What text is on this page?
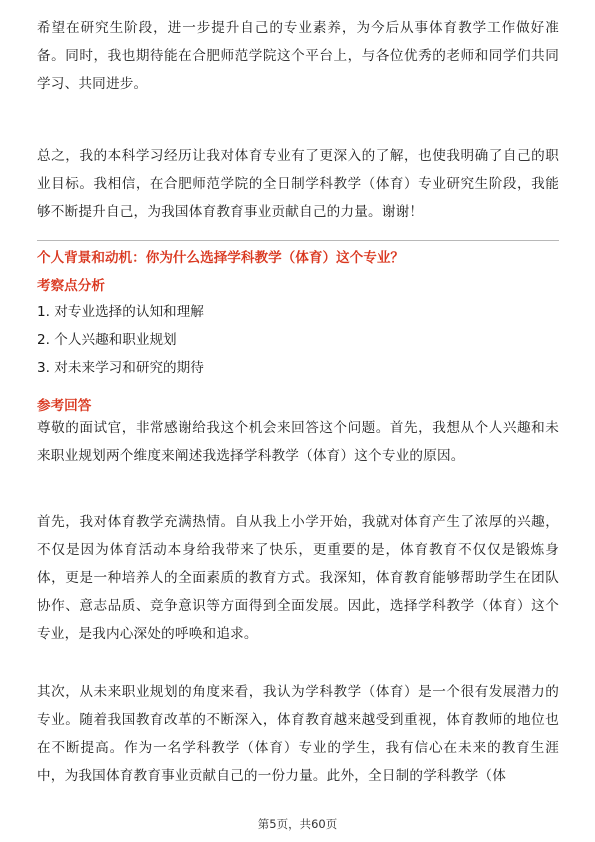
希望在研究生阶段，进一步提升自己的专业素养，为今后从事体育教学工作做好准备。同时，我也期待能在合肥师范学院这个平台上，与各位优秀的老师和同学们共同学习、共同进步。

总之，我的本科学习经历让我对体育专业有了更深入的了解，也使我明确了自己的职业目标。我相信，在合肥师范学院的全日制学科教学（体育）专业研究生阶段，我能够不断提升自己，为我国体育教育事业贡献自己的力量。谢谢！

个人背景和动机：你为什么选择学科教学（体育）这个专业？

考察点分析

1. 对专业选择的认知和理解

2. 个人兴趣和职业规划

3. 对未来学习和研究的期待

参考回答

尊敬的面试官，非常感谢给我这个机会来回答这个问题。首先，我想从个人兴趣和未来职业规划两个维度来阐述我选择学科教学（体育）这个专业的原因。

首先，我对体育教学充满热情。自从我上小学开始，我就对体育产生了浓厚的兴趣，不仅是因为体育活动本身给我带来了快乐，更重要的是，体育教育不仅仅是锻炼身体，更是一种培养人的全面素质的教育方式。我深知，体育教育能够帮助学生在团队协作、意志品质、竞争意识等方面得到全面发展。因此，选择学科教学（体育）这个专业，是我内心深处的呼唤和追求。

其次，从未来职业规划的角度来看，我认为学科教学（体育）是一个很有发展潜力的专业。随着我国教育改革的不断深入，体育教育越来越受到重视，体育教师的地位也在不断提高。作为一名学科教学（体育）专业的学生，我有信心在未来的教育生涯中，为我国体育教育事业贡献自己的一份力量。此外，全日制的学科教学（体

第5页，共60页
